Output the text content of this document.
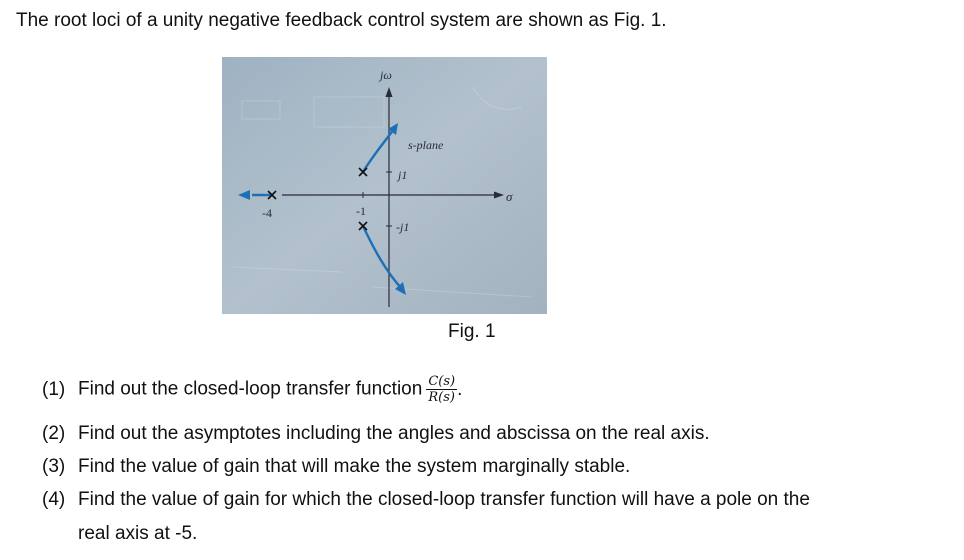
The root loci of a unity negative feedback control system are shown as Fig. 1.
jω
s-plane
j1
-j1
σ
-4	-1
Fig. 1
(1) Find out the closed-loop transfer function $\frac{C(s)}{R(s)}$ .
(2) Find out the asymptotes including the angles and abscissa on the real axis.
(3) Find the value of gain that will make the system marginally stable.
(4) Find the value of gain for which the closed-loop transfer function will have a pole on the
real axis at -5.
